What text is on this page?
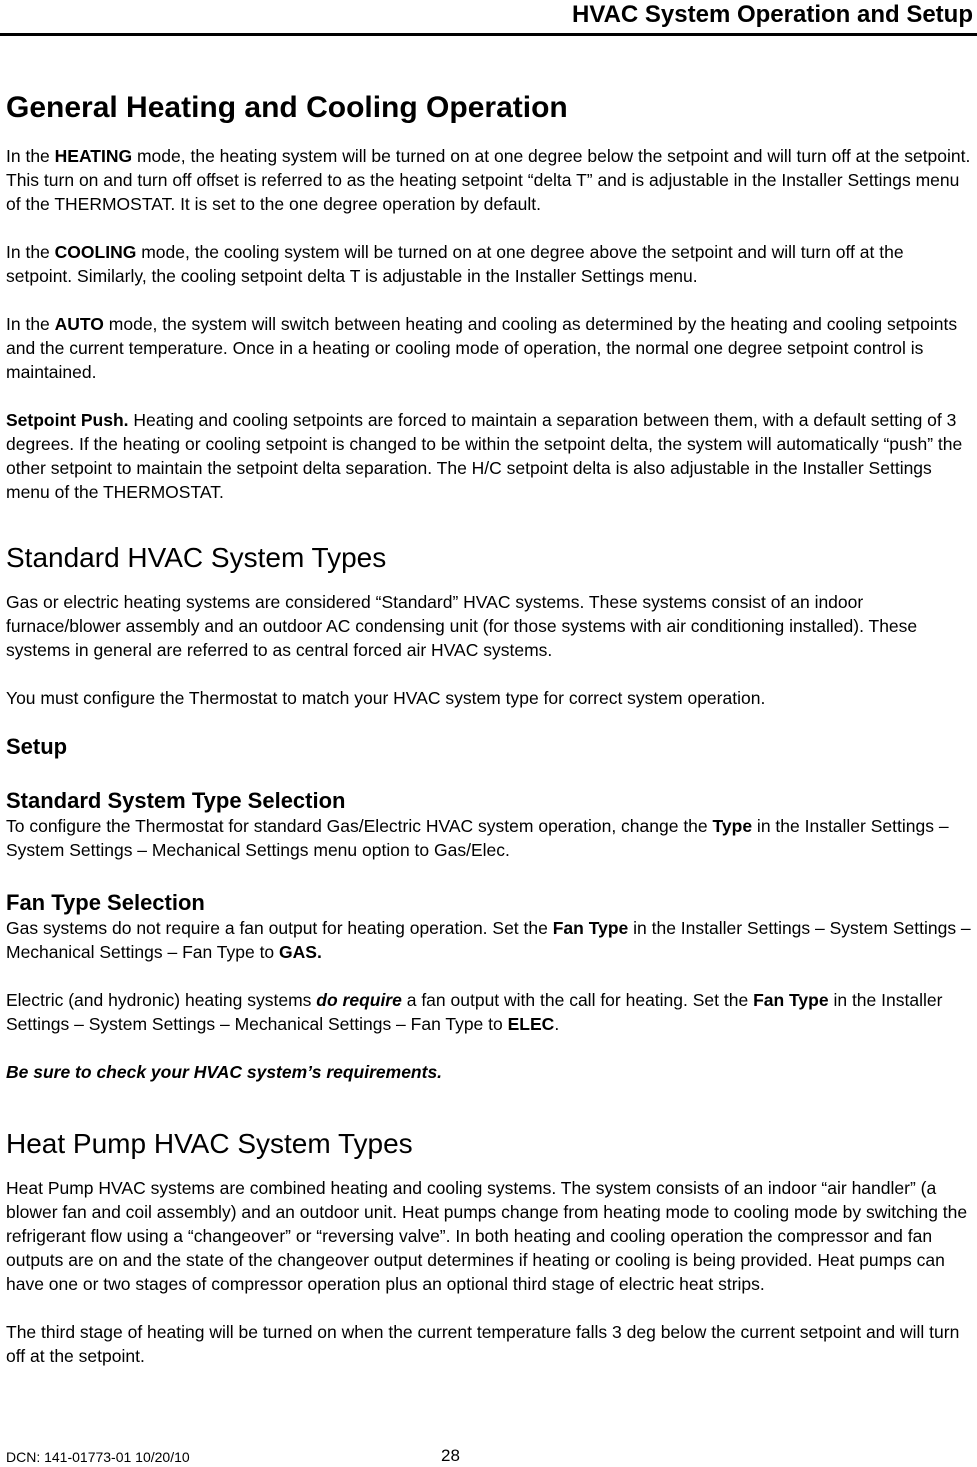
HVAC System Operation and Setup
General Heating and Cooling Operation

In the HEATING mode, the heating system will be turned on at one degree below the setpoint and will turn off at the setpoint. This turn on and turn off offset is referred to as the heating setpoint “delta T” and is adjustable in the Installer Settings menu of the THERMOSTAT. It is set to the one degree operation by default.

In the COOLING mode, the cooling system will be turned on at one degree above the setpoint and will turn off at the setpoint. Similarly, the cooling setpoint delta T is adjustable in the Installer Settings menu.

In the AUTO mode, the system will switch between heating and cooling as determined by the heating and cooling setpoints and the current temperature. Once in a heating or cooling mode of operation, the normal one degree setpoint control is maintained.

Setpoint Push. Heating and cooling setpoints are forced to maintain a separation between them, with a default setting of 3 degrees. If the heating or cooling setpoint is changed to be within the setpoint delta, the system will automatically “push” the other setpoint to maintain the setpoint delta separation. The H/C setpoint delta is also adjustable in the Installer Settings menu of the THERMOSTAT.

Standard HVAC System Types

Gas or electric heating systems are considered “Standard” HVAC systems. These systems consist of an indoor furnace/blower assembly and an outdoor AC condensing unit (for those systems with air conditioning installed). These systems in general are referred to as central forced air HVAC systems.

You must configure the Thermostat to match your HVAC system type for correct system operation.

Setup
Standard System Type Selection

To configure the Thermostat for standard Gas/Electric HVAC system operation, change the Type in the Installer Settings – System Settings – Mechanical Settings menu option to Gas/Elec.

Fan Type Selection

Gas systems do not require a fan output for heating operation. Set the Fan Type in the Installer Settings – System Settings – Mechanical Settings – Fan Type to GAS.

Electric (and hydronic) heating systems do require a fan output with the call for heating. Set the Fan Type in the Installer Settings – System Settings – Mechanical Settings – Fan Type to ELEC.

Be sure to check your HVAC system’s requirements.

Heat Pump HVAC System Types

Heat Pump HVAC systems are combined heating and cooling systems. The system consists of an indoor “air handler” (a blower fan and coil assembly) and an outdoor unit. Heat pumps change from heating mode to cooling mode by switching the refrigerant flow using a “changeover” or “reversing valve”. In both heating and cooling operation the compressor and fan outputs are on and the state of the changeover output determines if heating or cooling is being provided. Heat pumps can have one or two stages of compressor operation plus an optional third stage of electric heat strips.

The third stage of heating will be turned on when the current temperature falls 3 deg below the current setpoint and will turn off at the setpoint.

DCN: 141-01773-01 10/20/10	28
